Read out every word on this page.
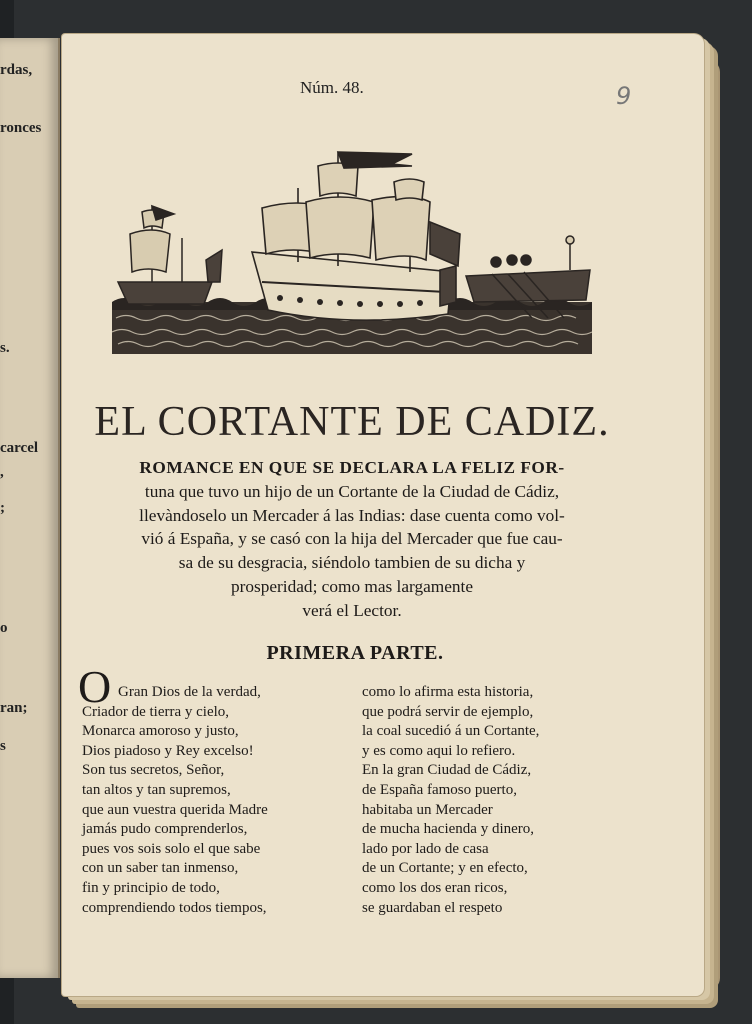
rdas,
ronces
s.
carcel
,
;
o
ran;
s
Núm. 48.	9
EL CORTANTE DE CADIZ.
ROMANCE EN QUE SE DECLARA LA FELIZ FOR-
tuna que tuvo un hijo de un Cortante de la Ciudad de Cádiz,
llevàndoselo un Mercader á las Indias: dase cuenta como vol-
vió á España, y se casó con la hija del Mercader que fue cau-
sa de su desgracia, siéndolo tambien de su dicha y
prosperidad; como mas largamente
verá el Lector.
PRIMERA PARTE.
O Gran Dios de la verdad,
Criador de tierra y cielo,
Monarca amoroso y justo,
Dios piadoso y Rey excelso!
Son tus secretos, Señor,
tan altos y tan supremos,
que aun vuestra querida Madre
jamás pudo comprenderlos,
pues vos sois solo el que sabe
con un saber tan inmenso,
fin y principio de todo,
comprendiendo todos tiempos,
como lo afirma esta historia,
que podrá servir de ejemplo,
la coal sucedió á un Cortante,
y es como aqui lo refiero.
En la gran Ciudad de Cádiz,
de España famoso puerto,
habitaba un Mercader
de mucha hacienda y dinero,
lado por lado de casa
de un Cortante; y en efecto,
como los dos eran ricos,
se guardaban el respeto
